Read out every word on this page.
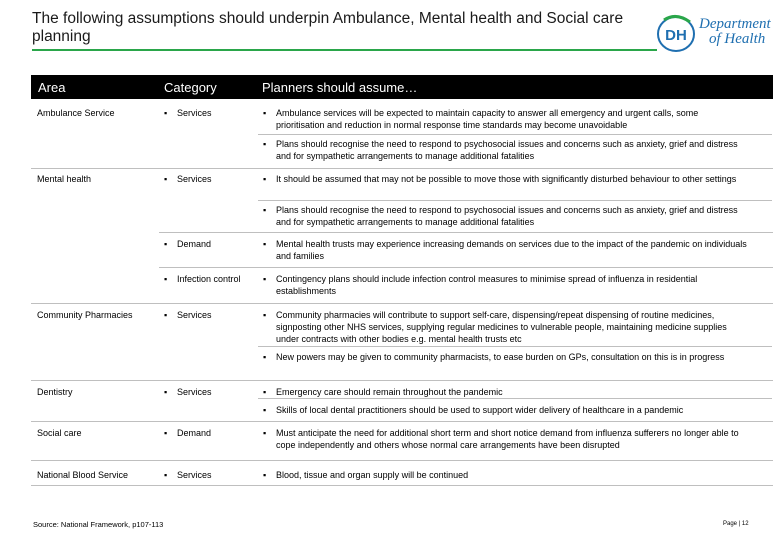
The following assumptions should underpin Ambulance, Mental health and Social care planning	DH
Department
of Health
Area	Category	Planners should assume…
Ambulance Service	▪ Services	▪ Ambulance services will be expected to maintain capacity to answer all emergency and urgent calls, some prioritisation and reduction in normal response time standards may become unavoidable
▪ Plans should recognise the need to respond to psychosocial issues and concerns such as anxiety, grief and distress and for sympathetic arrangements to manage additional fatalities
Mental health	▪ Services	▪ It should be assumed that may not be possible to move those with significantly disturbed behaviour to other settings
▪ Plans should recognise the need to respond to psychosocial issues and concerns such as anxiety, grief and distress and for sympathetic arrangements to manage additional fatalities
▪ Demand	▪ Mental health trusts may experience increasing demands on services due to the impact of the pandemic on individuals and families
▪ Infection control ▪ Contingency plans should include infection control measures to minimise spread of influenza in residential establishments
Community Pharmacies	▪ Services	▪ Community pharmacies will contribute to support self-care, dispensing/repeat dispensing of routine medicines, signposting other NHS services, supplying regular medicines to vulnerable people, maintaining medicine supplies under contracts with other bodies e.g. mental health trusts etc
▪ New powers may be given to community pharmacists, to ease burden on GPs, consultation on this is in progress
Dentistry	▪ Services	▪ Emergency care should remain throughout the pandemic
▪ Skills of local dental practitioners should be used to support wider delivery of healthcare in a pandemic
Social care	▪ Demand	▪ Must anticipate the need for additional short term and short notice demand from influenza sufferers no longer able to cope independently and others whose normal care arrangements have been disrupted
National Blood Service	▪ Services	▪ Blood, tissue and organ supply will be continued
Source: National Framework, p107-113	Page | 12
